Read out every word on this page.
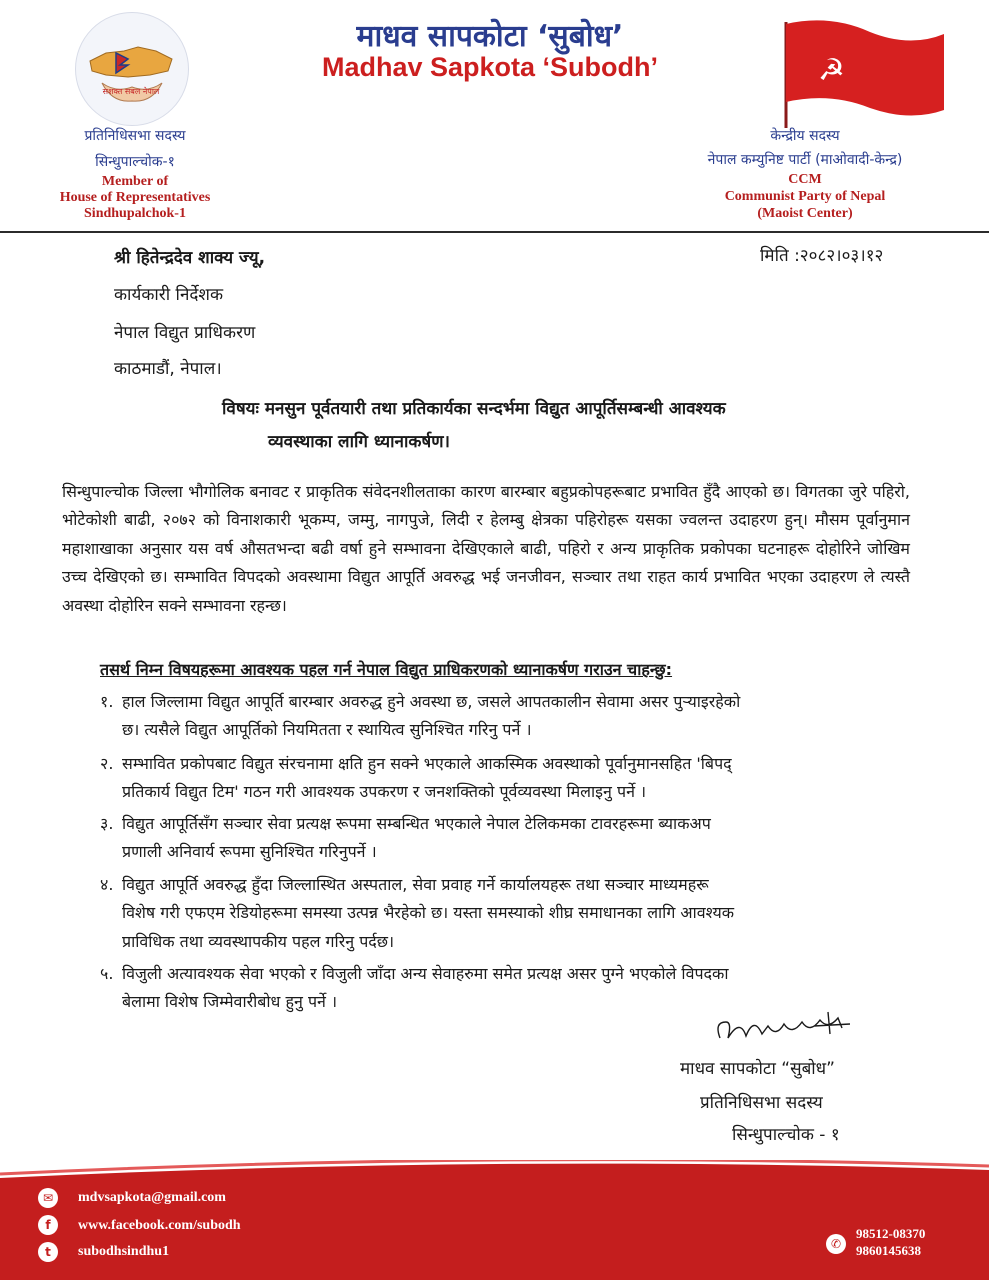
सशक्त सबल नेपाल
माधव सापकोटा ‘सुबोध’
Madhav Sapkota ‘Subodh’	☭
प्रतिनिधिसभा सदस्य
सिन्धुपाल्चोक-१
Member of
House of Representatives
Sindhupalchok-1
केन्द्रीय सदस्य
नेपाल कम्युनिष्ट पार्टी (माओवादी-केन्द्र)
CCM
Communist Party of Nepal
(Maoist Center)
श्री हितेन्द्रदेव शाक्य ज्यू,	मिति :२०८२।०३।१२
कार्यकारी निर्देशक
नेपाल विद्युत प्राधिकरण
काठमाडौं, नेपाल।
विषयः मनसुन पूर्वतयारी तथा प्रतिकार्यका सन्दर्भमा विद्युत आपूर्तिसम्बन्धी आवश्यक
व्यवस्थाका लागि ध्यानाकर्षण।
सिन्धुपाल्चोक जिल्ला भौगोलिक बनावट र प्राकृतिक संवेदनशीलताका कारण बारम्बार बहुप्रकोपहरूबाट प्रभावित हुँदै आएको छ। विगतका जुरे पहिरो, भोटेकोशी बाढी, २०७२ को विनाशकारी भूकम्प, जम्मु, नागपुजे, लिदी र हेलम्बु क्षेत्रका पहिरोहरू यसका ज्वलन्त उदाहरण हुन्। मौसम पूर्वानुमान महाशाखाका अनुसार यस वर्ष औसतभन्दा बढी वर्षा हुने सम्भावना देखिएकाले बाढी, पहिरो र अन्य प्राकृतिक प्रकोपका घटनाहरू दोहोरिने जोखिम उच्च देखिएको छ। सम्भावित विपदको अवस्थामा विद्युत आपूर्ति अवरुद्ध भई जनजीवन, सञ्चार तथा राहत कार्य प्रभावित भएका उदाहरण ले त्यस्तै अवस्था दोहोरिन सक्ने सम्भावना रहन्छ।
तसर्थ निम्न विषयहरूमा आवश्यक पहल गर्न नेपाल विद्युत प्राधिकरणको ध्यानाकर्षण गराउन चाहन्छु:
१. हाल जिल्लामा विद्युत आपूर्ति बारम्बार अवरुद्ध हुने अवस्था छ, जसले आपतकालीन सेवामा असर पुर्‍याइरहेको
छ। त्यसैले विद्युत आपूर्तिको नियमितता र स्थायित्व सुनिश्चित गरिनु पर्ने ।
२. सम्भावित प्रकोपबाट विद्युत संरचनामा क्षति हुन सक्ने भएकाले आकस्मिक अवस्थाको पूर्वानुमानसहित 'बिपद्
प्रतिकार्य विद्युत टिम' गठन गरी आवश्यक उपकरण र जनशक्तिको पूर्वव्यवस्था मिलाइनु पर्ने ।
३. विद्युत आपूर्तिसँग सञ्चार सेवा प्रत्यक्ष रूपमा सम्बन्धित भएकाले नेपाल टेलिकमका टावरहरूमा ब्याकअप
प्रणाली अनिवार्य रूपमा सुनिश्चित गरिनुपर्ने ।
४. विद्युत आपूर्ति अवरुद्ध हुँदा जिल्लास्थित अस्पताल, सेवा प्रवाह गर्ने कार्यालयहरू तथा सञ्चार माध्यमहरू
विशेष गरी एफएम रेडियोहरूमा समस्या उत्पन्न भैरहेको छ। यस्ता समस्याको शीघ्र समाधानका लागि आवश्यक
प्राविधिक तथा व्यवस्थापकीय पहल गरिनु पर्दछ।
५. विजुली अत्यावश्यक सेवा भएको र विजुली जाँदा अन्य सेवाहरुमा समेत प्रत्यक्ष असर पुग्ने भएकोले विपदका
बेलामा विशेष जिम्मेवारीबोध हुनु पर्ने ।
माधव सापकोटा “सुबोध”
प्रतिनिधिसभा सदस्य
सिन्धुपाल्चोक - १
✉	mdvsapkota@gmail.com
f	www.facebook.com/subodh
t	subodhsindhu1	✆
98512-08370
9860145638
